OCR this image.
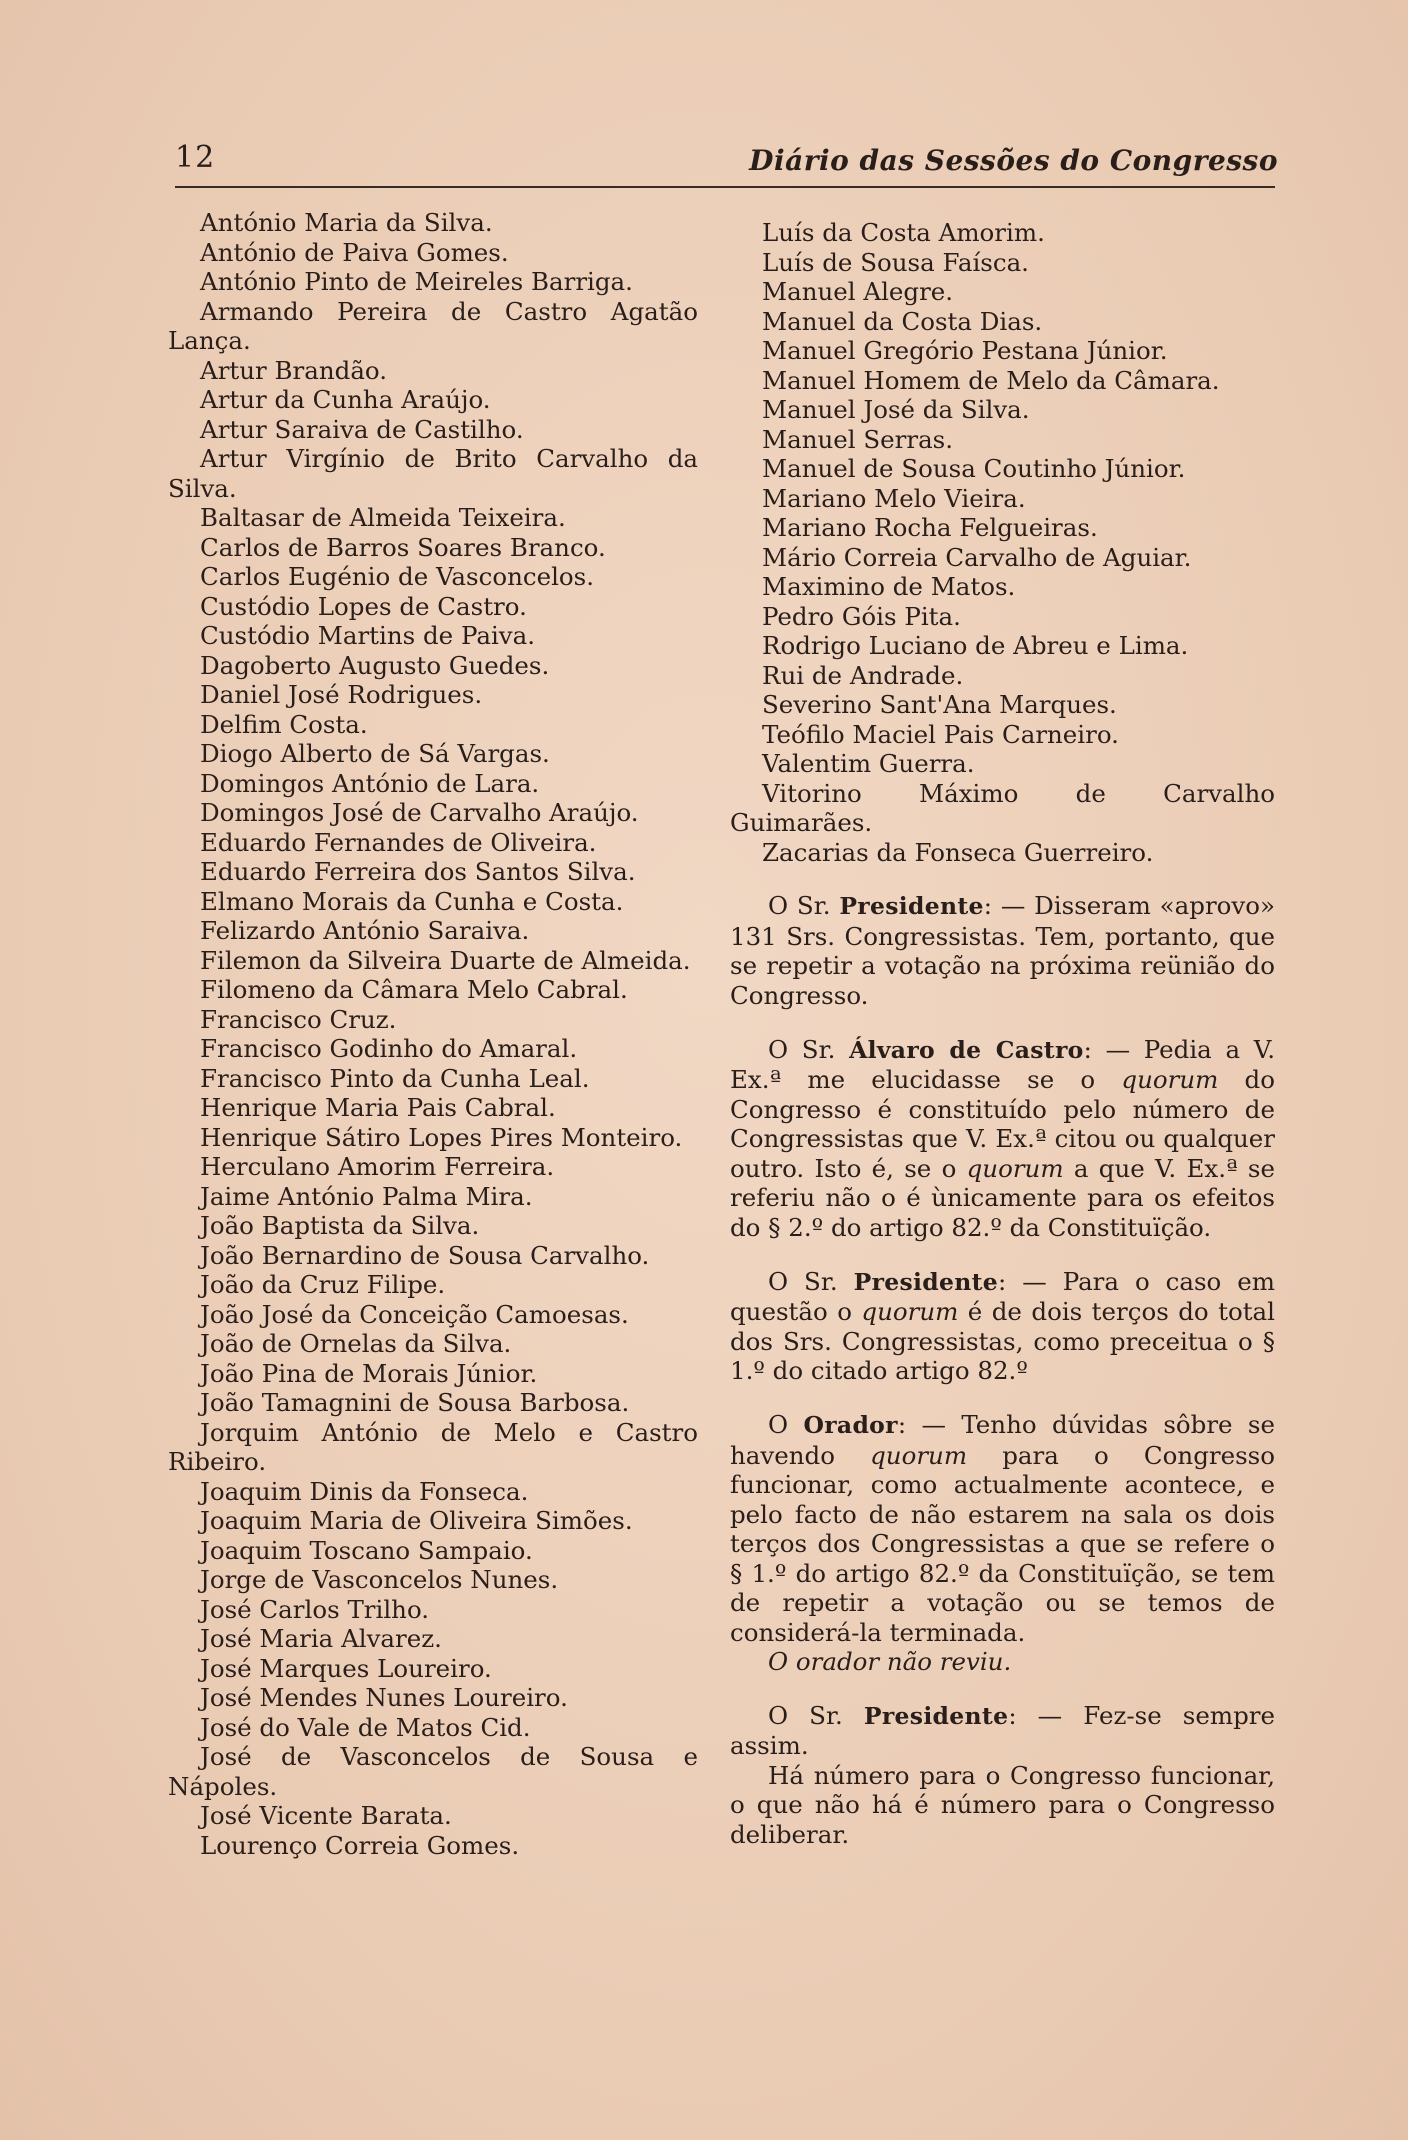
12	Diário das Sessões do Congresso
António Maria da Silva.
António de Paiva Gomes.
António Pinto de Meireles Barriga.
Armando Pereira de Castro Agatão Lança.
Artur Brandão.
Artur da Cunha Araújo.
Artur Saraiva de Castilho.
Artur Virgínio de Brito Carvalho da Silva.
Baltasar de Almeida Teixeira.
Carlos de Barros Soares Branco.
Carlos Eugénio de Vasconcelos.
Custódio Lopes de Castro.
Custódio Martins de Paiva.
Dagoberto Augusto Guedes.
Daniel José Rodrigues.
Delfim Costa.
Diogo Alberto de Sá Vargas.
Domingos António de Lara.
Domingos José de Carvalho Araújo.
Eduardo Fernandes de Oliveira.
Eduardo Ferreira dos Santos Silva.
Elmano Morais da Cunha e Costa.
Felizardo António Saraiva.
Filemon da Silveira Duarte de Almeida.
Filomeno da Câmara Melo Cabral.
Francisco Cruz.
Francisco Godinho do Amaral.
Francisco Pinto da Cunha Leal.
Henrique Maria Pais Cabral.
Henrique Sátiro Lopes Pires Monteiro.
Herculano Amorim Ferreira.
Jaime António Palma Mira.
João Baptista da Silva.
João Bernardino de Sousa Carvalho.
João da Cruz Filipe.
João José da Conceição Camoesas.
João de Ornelas da Silva.
João Pina de Morais Júnior.
João Tamagnini de Sousa Barbosa.
Jorquim António de Melo e Castro Ribeiro.
Joaquim Dinis da Fonseca.
Joaquim Maria de Oliveira Simões.
Joaquim Toscano Sampaio.
Jorge de Vasconcelos Nunes.
José Carlos Trilho.
José Maria Alvarez.
José Marques Loureiro.
José Mendes Nunes Loureiro.
José do Vale de Matos Cid.
José de Vasconcelos de Sousa e Nápoles.
José Vicente Barata.
Lourenço Correia Gomes.
Luís da Costa Amorim.
Luís de Sousa Faísca.
Manuel Alegre.
Manuel da Costa Dias.
Manuel Gregório Pestana Júnior.
Manuel Homem de Melo da Câmara.
Manuel José da Silva.
Manuel Serras.
Manuel de Sousa Coutinho Júnior.
Mariano Melo Vieira.
Mariano Rocha Felgueiras.
Mário Correia Carvalho de Aguiar.
Maximino de Matos.
Pedro Góis Pita.
Rodrigo Luciano de Abreu e Lima.
Rui de Andrade.
Severino Sant'Ana Marques.
Teófilo Maciel Pais Carneiro.
Valentim Guerra.
Vitorino Máximo de Carvalho Guimarães.
Zacarias da Fonseca Guerreiro.

O Sr. Presidente: — Disseram «aprovo» 131 Srs. Congressistas. Tem, portanto, que se repetir a votação na próxima reünião do Congresso.

O Sr. Álvaro de Castro: — Pedia a V. Ex.ª me elucidasse se o quorum do Congresso é constituído pelo número de Congressistas que V. Ex.ª citou ou qualquer outro. Isto é, se o quorum a que V. Ex.ª se referiu não o é ùnicamente para os efeitos do § 2.º do artigo 82.º da Constituïção.

O Sr. Presidente: — Para o caso em questão o quorum é de dois terços do total dos Srs. Congressistas, como preceitua o § 1.º do citado artigo 82.º

O Orador: — Tenho dúvidas sôbre se havendo quorum para o Congresso funcionar, como actualmente acontece, e pelo facto de não estarem na sala os dois terços dos Congressistas a que se refere o § 1.º do artigo 82.º da Constituïção, se tem de repetir a votação ou se temos de considerá-la terminada.

O orador não reviu.

O Sr. Presidente: — Fez-se sempre assim.

Há número para o Congresso funcionar, o que não há é número para o Congresso deliberar.
